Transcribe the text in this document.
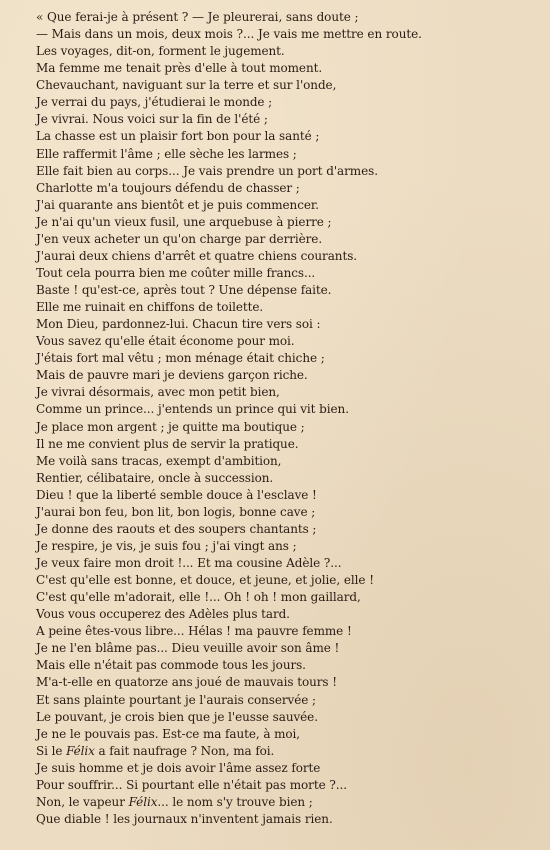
« Que ferai-je à présent ? — Je pleurerai, sans doute ;
— Mais dans un mois, deux mois ?... Je vais me mettre en route.
Les voyages, dit-on, forment le jugement.
Ma femme me tenait près d'elle à tout moment.
Chevauchant, naviguant sur la terre et sur l'onde,
Je verrai du pays, j'étudierai le monde ;
Je vivrai. Nous voici sur la fin de l'été ;
La chasse est un plaisir fort bon pour la santé ;
Elle raffermit l'âme ; elle sèche les larmes ;
Elle fait bien au corps... Je vais prendre un port d'armes.
Charlotte m'a toujours défendu de chasser ;
J'ai quarante ans bientôt et je puis commencer.
Je n'ai qu'un vieux fusil, une arquebuse à pierre ;
J'en veux acheter un qu'on charge par derrière.
J'aurai deux chiens d'arrêt et quatre chiens courants.
Tout cela pourra bien me coûter mille francs...
Baste ! qu'est-ce, après tout ? Une dépense faite.
Elle me ruinait en chiffons de toilette.
Mon Dieu, pardonnez-lui. Chacun tire vers soi :
Vous savez qu'elle était économe pour moi.
J'étais fort mal vêtu ; mon ménage était chiche ;
Mais de pauvre mari je deviens garçon riche.
Je vivrai désormais, avec mon petit bien,
Comme un prince... j'entends un prince qui vit bien.
Je place mon argent ; je quitte ma boutique ;
Il ne me convient plus de servir la pratique.
Me voilà sans tracas, exempt d'ambition,
Rentier, célibataire, oncle à succession.
Dieu ! que la liberté semble douce à l'esclave !
J'aurai bon feu, bon lit, bon logis, bonne cave ;
Je donne des raouts et des soupers chantants ;
Je respire, je vis, je suis fou ; j'ai vingt ans ;
Je veux faire mon droit !... Et ma cousine Adèle ?...
C'est qu'elle est bonne, et douce, et jeune, et jolie, elle !
C'est qu'elle m'adorait, elle !... Oh ! oh ! mon gaillard,
Vous vous occuperez des Adèles plus tard.
A peine êtes-vous libre... Hélas ! ma pauvre femme !
Je ne l'en blâme pas... Dieu veuille avoir son âme !
Mais elle n'était pas commode tous les jours.
M'a-t-elle en quatorze ans joué de mauvais tours !
Et sans plainte pourtant je l'aurais conservée ;
Le pouvant, je crois bien que je l'eusse sauvée.
Je ne le pouvais pas. Est-ce ma faute, à moi,
Si le Félix a fait naufrage ? Non, ma foi.
Je suis homme et je dois avoir l'âme assez forte
Pour souffrir... Si pourtant elle n'était pas morte ?...
Non, le vapeur Félix... le nom s'y trouve bien ;
Que diable ! les journaux n'inventent jamais rien.
